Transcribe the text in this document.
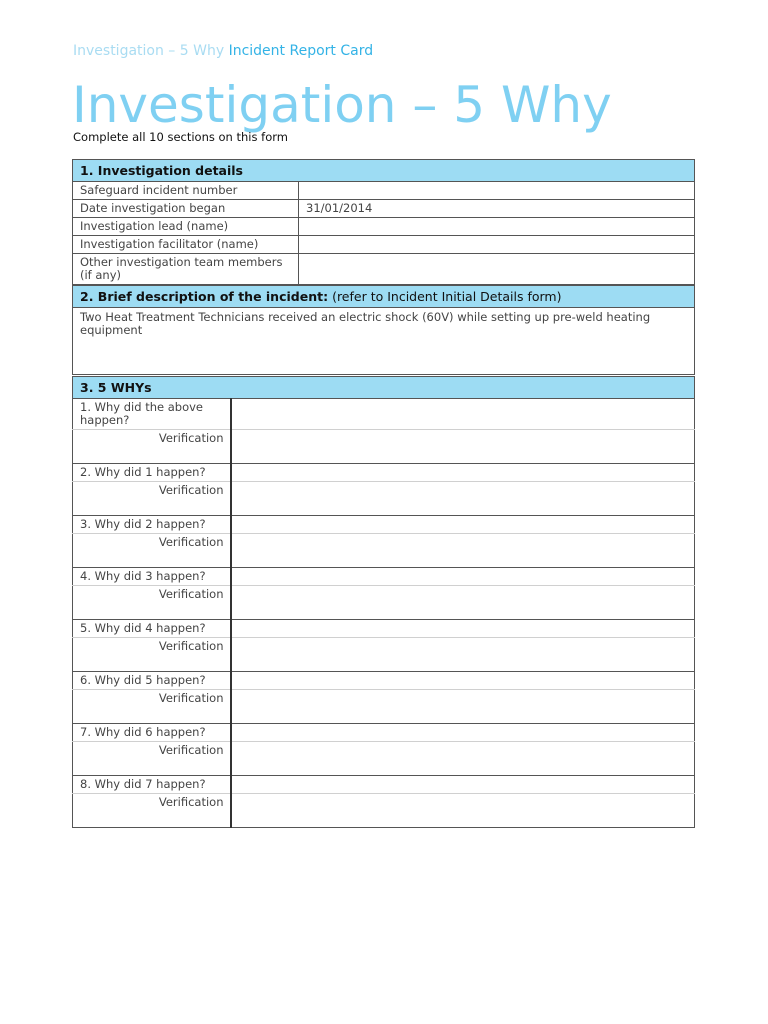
Investigation – 5 Why Incident Report Card
Investigation – 5 Why
Complete all 10 sections on this form
1. Investigation details	
Safeguard incident number	
Date investigation began	31/01/2014
Investigation lead (name)	
Investigation facilitator (name)	
Other investigation team members (if any)	
2. Brief description of the incident: (refer to Incident Initial Details form)
Two Heat Treatment Technicians received an electric shock (60V) while setting up pre-weld heating equipment
3. 5 WHYs	
1. Why did the above happen?	
Verification	
2. Why did 1 happen?	
Verification	
3. Why did 2 happen?	
Verification	
4. Why did 3 happen?	
Verification	
5. Why did 4 happen?	
Verification	
6. Why did 5 happen?	
Verification	
7. Why did 6 happen?	
Verification	
8. Why did 7 happen?	
Verification	
